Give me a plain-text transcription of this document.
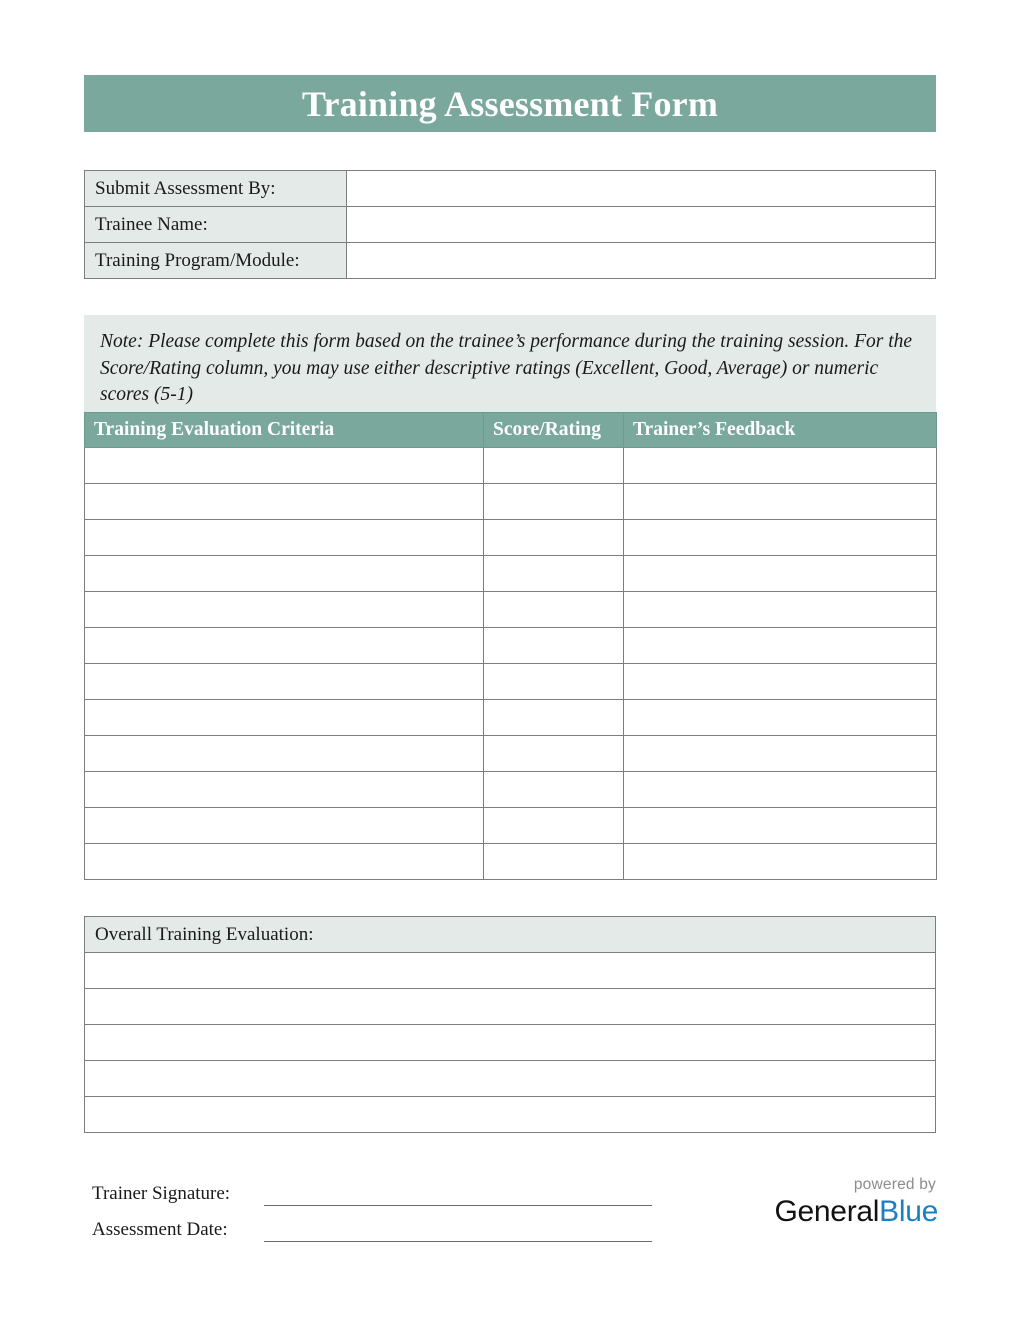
Training Assessment Form
Submit Assessment By:	
Trainee Name:	
Training Program/Module:	

Note: Please complete this form based on the trainee’s performance during the training session. For the Score/Rating column, you may use either descriptive ratings (Excellent, Good, Average) or numeric scores (5-1)

Training Evaluation Criteria	Score/Rating	Trainer’s Feedback

Overall Training Evaluation:

Trainer Signature:
Assessment Date:
powered by
GeneralBlue
